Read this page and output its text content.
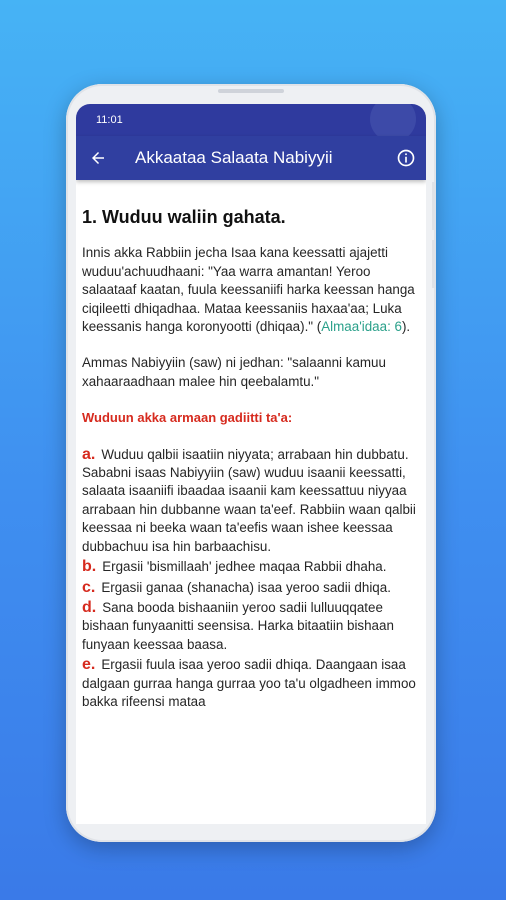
11:01
Akkaataa Salaata Nabiyyii
1. Wuduu waliin gahata.

Innis akka Rabbiin jecha Isaa kana keessatti ajajetti wuduu'achuudhaani: "Yaa warra amantan! Yeroo salaataaf kaatan, fuula keessaniifi harka keessan hanga ciqileetti dhiqadhaa. Mataa keessaniis haxaa'aa; Luka keessanis hanga koronyootti (dhiqaa)." (Almaa'idaa: 6).

Ammas Nabiyyiin (saw) ni jedhan: "salaanni kamuu xahaaraadhaan malee hin qeebalamtu."

Wuduun akka armaan gadiitti ta'a:

a. Wuduu qalbii isaatiin niyyata; arrabaan hin dubbatu. Sababni isaas Nabiyyiin (saw) wuduu isaanii keessatti, salaata isaaniifi ibaadaa isaanii kam keessattuu niyyaa arrabaan hin dubbanne waan ta'eef. Rabbiin waan qalbii keessaa ni beeka waan ta'eefis waan ishee keessaa dubbachuu isa hin barbaachisu.

b. Ergasii 'bismillaah' jedhee maqaa Rabbii dhaha.

c. Ergasii ganaa (shanacha) isaa yeroo sadii dhiqa.

d. Sana booda bishaaniin yeroo sadii lulluuqqatee bishaan funyaanitti seensisa. Harka bitaatiin bishaan funyaan keessaa baasa.

e. Ergasii fuula isaa yeroo sadii dhiqa. Daangaan isaa dalgaan gurraa hanga gurraa yoo ta'u olgadheen immoo bakka rifeensi mataa
